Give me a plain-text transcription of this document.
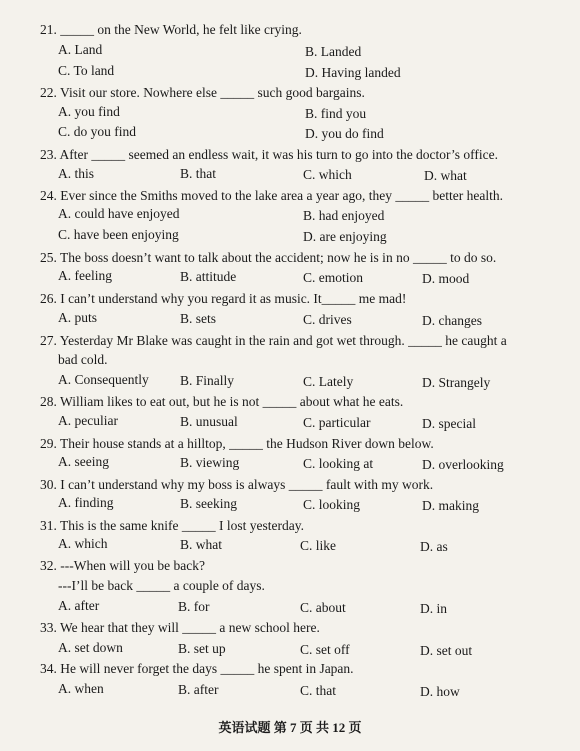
21. _____ on the New World, he felt like crying.
A. Land	B. Landed
C. To land	D. Having landed
22. Visit our store. Nowhere else _____ such good bargains.
A. you find	B. find you
C. do you find	D. you do find
23. After _____ seemed an endless wait, it was his turn to go into the doctor’s office.
A. this	B. that	C. which	D. what
24. Ever since the Smiths moved to the lake area a year ago, they _____ better health.
A. could have enjoyed	B. had enjoyed
C. have been enjoying	D. are enjoying
25. The boss doesn’t want to talk about the accident; now he is in no _____ to do so.
A. feeling	B. attitude	C. emotion	D. mood
26. I can’t understand why you regard it as music. It_____ me mad!
A. puts	B. sets	C. drives	D. changes
27. Yesterday Mr Blake was caught in the rain and got wet through. _____ he caught a
bad cold.
A. Consequently B. Finally	C. Lately	D. Strangely
28. William likes to eat out, but he is not _____ about what he eats.
A. peculiar	B. unusual	C. particular	D. special
29. Their house stands at a hilltop, _____ the Hudson River down below.
A. seeing	B. viewing	C. looking at	D. overlooking
30. I can’t understand why my boss is always _____ fault with my work.
A. finding	B. seeking	C. looking	D. making
31. This is the same knife _____ I lost yesterday.
A. which	B. what	C. like	D. as
32. ---When will you be back?
---I’ll be back _____ a couple of days.
A. after	B. for	C. about	D. in
33. We hear that they will _____ a new school here.
A. set down	B. set up	C. set off	D. set out
34. He will never forget the days _____ he spent in Japan.
A. when	B. after	C. that	D. how
英语试题 第 7 页 共 12 页
